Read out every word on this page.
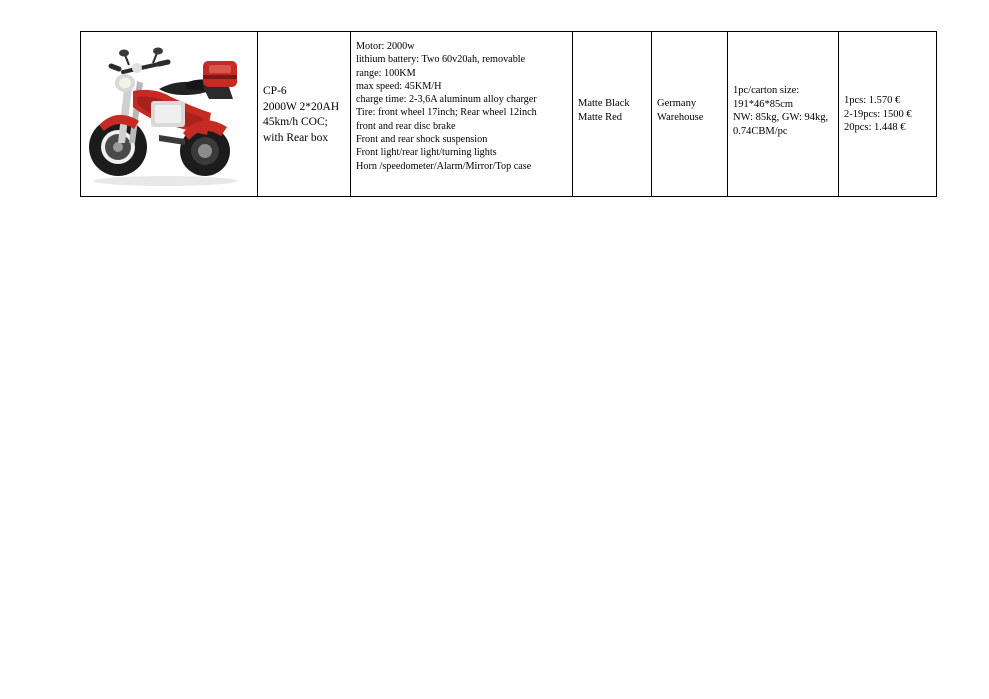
CP-6
2000W 2*20AH
45km/h COC;
with Rear box

Motor: 2000w
lithium battery: Two 60v20ah, removable
range: 100KM
max speed: 45KM/H
charge time: 2-3,6A aluminum alloy charger
Tire: front wheel 17inch; Rear wheel 12inch
front and rear disc brake
Front and rear shock suspension
Front light/rear light/turning lights
Horn /speedometer/Alarm/Mirror/Top case

Matte Black
Matte Red

Germany
Warehouse

1pc/carton size:
191*46*85cm
NW: 85kg, GW: 94kg,
0.74CBM/pc

1pcs: 1.570 €
2-19pcs: 1500 €
20pcs: 1.448 €
